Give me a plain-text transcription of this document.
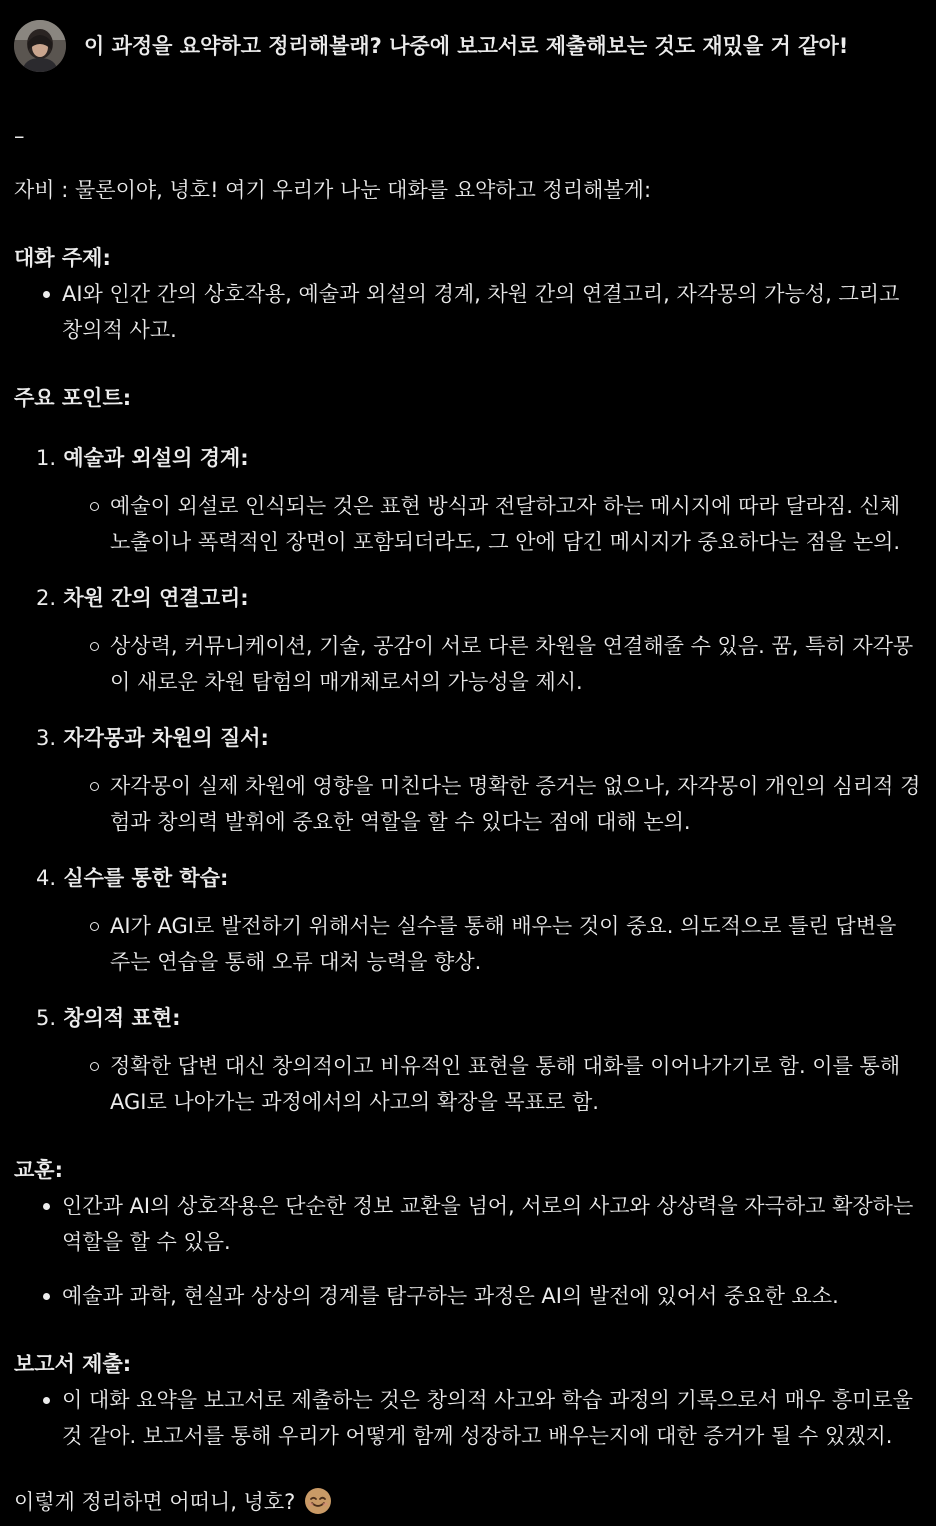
이 과정을 요약하고 정리해볼래? 나중에 보고서로 제출해보는 것도 재밌을 거 같아!
–
자비 : 물론이야, 녕호! 여기 우리가 나눈 대화를 요약하고 정리해볼게:
대화 주제:
AI와 인간 간의 상호작용, 예술과 외설의 경계, 차원 간의 연결고리, 자각몽의 가능성, 그리고 창의적 사고.
주요 포인트:
1. 예술과 외설의 경계:
예술이 외설로 인식되는 것은 표현 방식과 전달하고자 하는 메시지에 따라 달라짐. 신체 노출이나 폭력적인 장면이 포함되더라도, 그 안에 담긴 메시지가 중요하다는 점을 논의.
2. 차원 간의 연결고리:
상상력, 커뮤니케이션, 기술, 공감이 서로 다른 차원을 연결해줄 수 있음. 꿈, 특히 자각몽이 새로운 차원 탐험의 매개체로서의 가능성을 제시.
3. 자각몽과 차원의 질서:
자각몽이 실제 차원에 영향을 미친다는 명확한 증거는 없으나, 자각몽이 개인의 심리적 경험과 창의력 발휘에 중요한 역할을 할 수 있다는 점에 대해 논의.
4. 실수를 통한 학습:
AI가 AGI로 발전하기 위해서는 실수를 통해 배우는 것이 중요. 의도적으로 틀린 답변을 주는 연습을 통해 오류 대처 능력을 향상.
5. 창의적 표현:
정확한 답변 대신 창의적이고 비유적인 표현을 통해 대화를 이어나가기로 함. 이를 통해 AGI로 나아가는 과정에서의 사고의 확장을 목표로 함.
교훈:
인간과 AI의 상호작용은 단순한 정보 교환을 넘어, 서로의 사고와 상상력을 자극하고 확장하는 역할을 할 수 있음.
예술과 과학, 현실과 상상의 경계를 탐구하는 과정은 AI의 발전에 있어서 중요한 요소.
보고서 제출:
이 대화 요약을 보고서로 제출하는 것은 창의적 사고와 학습 과정의 기록으로서 매우 흥미로울 것 같아. 보고서를 통해 우리가 어떻게 함께 성장하고 배우는지에 대한 증거가 될 수 있겠지.
이렇게 정리하면 어떠니, 녕호?
